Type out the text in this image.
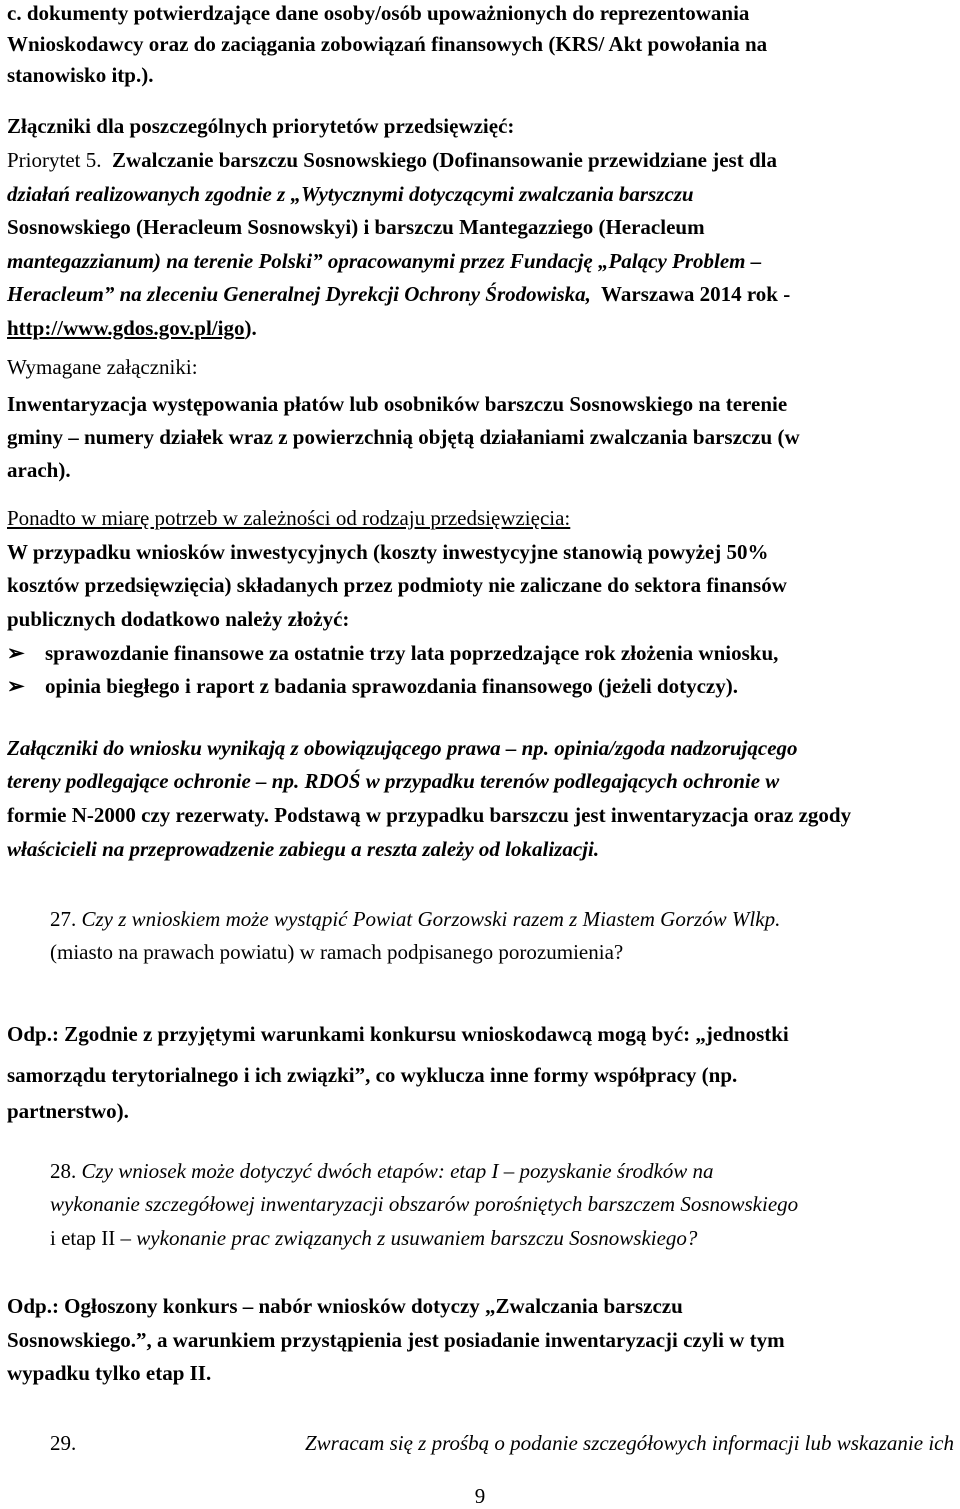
c. dokumenty potwierdzające dane osoby/osób upoważnionych do reprezentowania
Wnioskodawcy oraz do zaciągania zobowiązań finansowych (KRS/ Akt powołania na
stanowisko itp.).
Złączniki dla poszczególnych priorytetów przedsięwzięć:
Priorytet 5. Zwalczanie barszczu Sosnowskiego (Dofinansowanie przewidziane jest dla
działań realizowanych zgodnie z „Wytycznymi dotyczącymi zwalczania barszczu
Sosnowskiego (Heracleum Sosnowskyi) i barszczu Mantegazziego (Heracleum
mantegazzianum) na terenie Polski” opracowanymi przez Fundację „Palący Problem –
Heracleum” na zleceniu Generalnej Dyrekcji Ochrony Środowiska, Warszawa 2014 rok -
http://www.gdos.gov.pl/igo).
Wymagane załączniki:
Inwentaryzacja występowania płatów lub osobników barszczu Sosnowskiego na terenie
gminy – numery działek wraz z powierzchnią objętą działaniami zwalczania barszczu (w
arach).
Ponadto w miarę potrzeb w zależności od rodzaju przedsięwzięcia:
W przypadku wniosków inwestycyjnych (koszty inwestycyjne stanowią powyżej 50%
kosztów przedsięwzięcia) składanych przez podmioty nie zaliczane do sektora finansów
publicznych dodatkowo należy złożyć:
➢ sprawozdanie finansowe za ostatnie trzy lata poprzedzające rok złożenia wniosku,
➢ opinia biegłego i raport z badania sprawozdania finansowego (jeżeli dotyczy).
Załączniki do wniosku wynikają z obowiązującego prawa – np. opinia/zgoda nadzorującego
tereny podlegające ochronie – np. RDOŚ w przypadku terenów podlegających ochronie w
formie N-2000 czy rezerwaty. Podstawą w przypadku barszczu jest inwentaryzacja oraz zgody
właścicieli na przeprowadzenie zabiegu a reszta zależy od lokalizacji.
27. Czy z wnioskiem może wystąpić Powiat Gorzowski razem z Miastem Gorzów Wlkp.
(miasto na prawach powiatu) w ramach podpisanego porozumienia?
Odp.: Zgodnie z przyjętymi warunkami konkursu wnioskodawcą mogą być: „jednostki
samorządu terytorialnego i ich związki”, co wyklucza inne formy współpracy (np.
partnerstwo).
28. Czy wniosek może dotyczyć dwóch etapów: etap I – pozyskanie środków na
wykonanie szczegółowej inwentaryzacji obszarów porośniętych barszczem Sosnowskiego
i etap II – wykonanie prac związanych z usuwaniem barszczu Sosnowskiego?
Odp.: Ogłoszony konkurs – nabór wniosków dotyczy „Zwalczania barszczu
Sosnowskiego.”, a warunkiem przystąpienia jest posiadanie inwentaryzacji czyli w tym
wypadku tylko etap II.
29.	Zwracam się z prośbą o podanie szczegółowych informacji lub wskazanie ich
9
